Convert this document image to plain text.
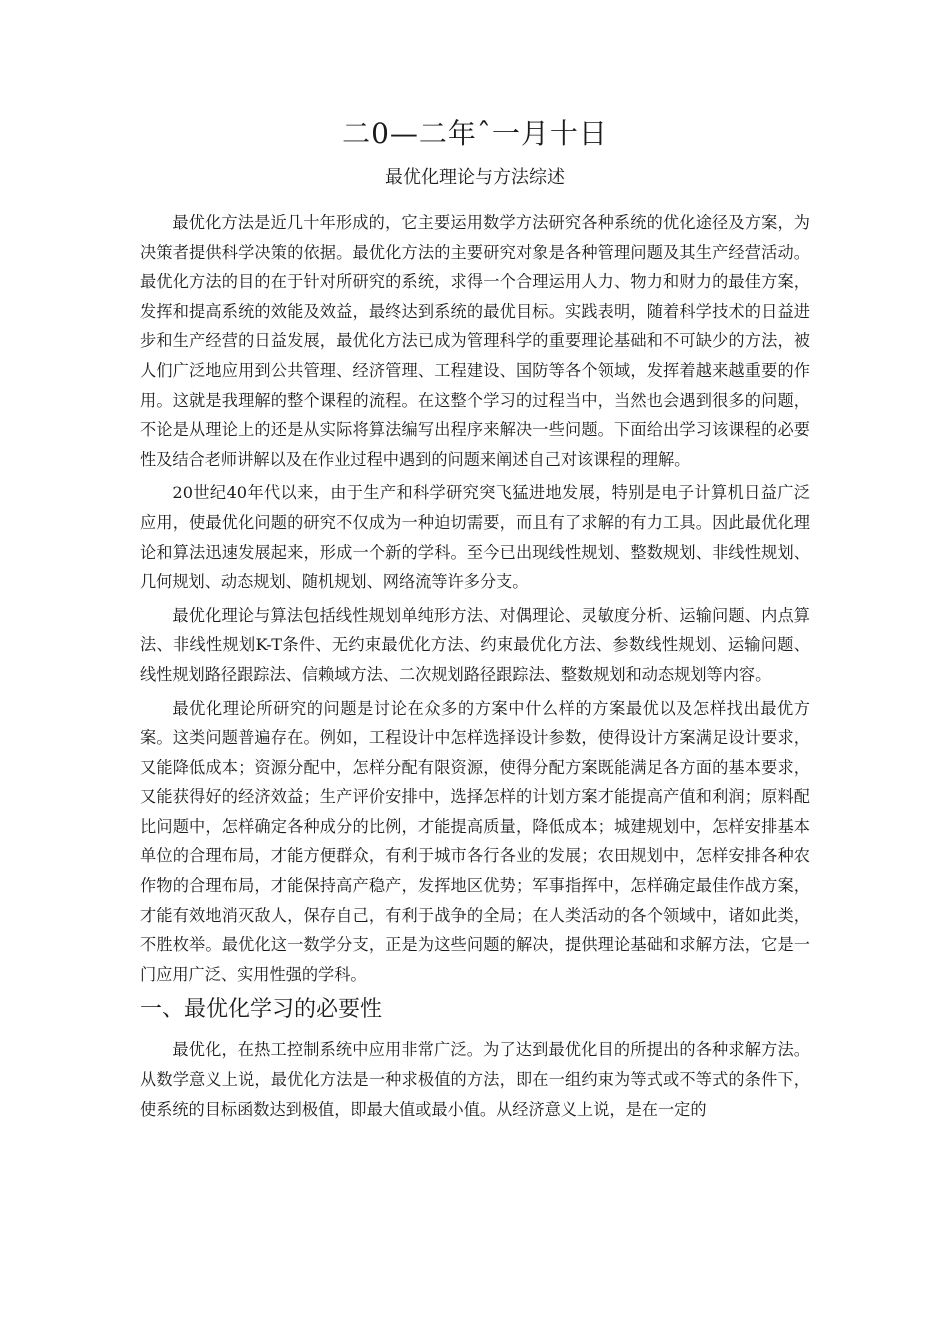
二0—二年ˆ一月十日
最优化理论与方法综述

最优化方法是近几十年形成的，它主要运用数学方法研究各种系统的优化途径及方案，为决策者提供科学决策的依据。最优化方法的主要研究对象是各种管理问题及其生产经营活动。最优化方法的目的在于针对所研究的系统，求得一个合理运用人力、物力和财力的最佳方案，发挥和提高系统的效能及效益，最终达到系统的最优目标。实践表明，随着科学技术的日益进步和生产经营的日益发展，最优化方法已成为管理科学的重要理论基础和不可缺少的方法，被人们广泛地应用到公共管理、经济管理、工程建设、国防等各个领域，发挥着越来越重要的作用。这就是我理解的整个课程的流程。在这整个学习的过程当中，当然也会遇到很多的问题，不论是从理论上的还是从实际将算法编写出程序来解决一些问题。下面给出学习该课程的必要性及结合老师讲解以及在作业过程中遇到的问题来阐述自己对该课程的理解。

20世纪40年代以来，由于生产和科学研究突飞猛进地发展，特别是电子计算机日益广泛应用，使最优化问题的研究不仅成为一种迫切需要，而且有了求解的有力工具。因此最优化理论和算法迅速发展起来，形成一个新的学科。至今已出现线性规划、整数规划、非线性规划、几何规划、动态规划、随机规划、网络流等许多分支。

最优化理论与算法包括线性规划单纯形方法、对偶理论、灵敏度分析、运输问题、内点算法、非线性规划K-T条件、无约束最优化方法、约束最优化方法、参数线性规划、运输问题、线性规划路径跟踪法、信赖域方法、二次规划路径跟踪法、整数规划和动态规划等内容。

最优化理论所研究的问题是讨论在众多的方案中什么样的方案最优以及怎样找出最优方案。这类问题普遍存在。例如，工程设计中怎样选择设计参数，使得设计方案满足设计要求，又能降低成本；资源分配中，怎样分配有限资源，使得分配方案既能满足各方面的基本要求，又能获得好的经济效益；生产评价安排中，选择怎样的计划方案才能提高产值和利润；原料配比问题中，怎样确定各种成分的比例，才能提高质量，降低成本；城建规划中，怎样安排基本单位的合理布局，才能方便群众，有利于城市各行各业的发展；农田规划中，怎样安排各种农作物的合理布局，才能保持高产稳产，发挥地区优势；军事指挥中，怎样确定最佳作战方案，才能有效地消灭敌人，保存自己，有利于战争的全局；在人类活动的各个领域中，诸如此类，不胜枚举。最优化这一数学分支，正是为这些问题的解决，提供理论基础和求解方法，它是一门应用广泛、实用性强的学科。

一、最优化学习的必要性

最优化，在热工控制系统中应用非常广泛。为了达到最优化目的所提出的各种求解方法。从数学意义上说，最优化方法是一种求极值的方法，即在一组约束为等式或不等式的条件下，使系统的目标函数达到极值，即最大值或最小值。从经济意义上说，是在一定的
